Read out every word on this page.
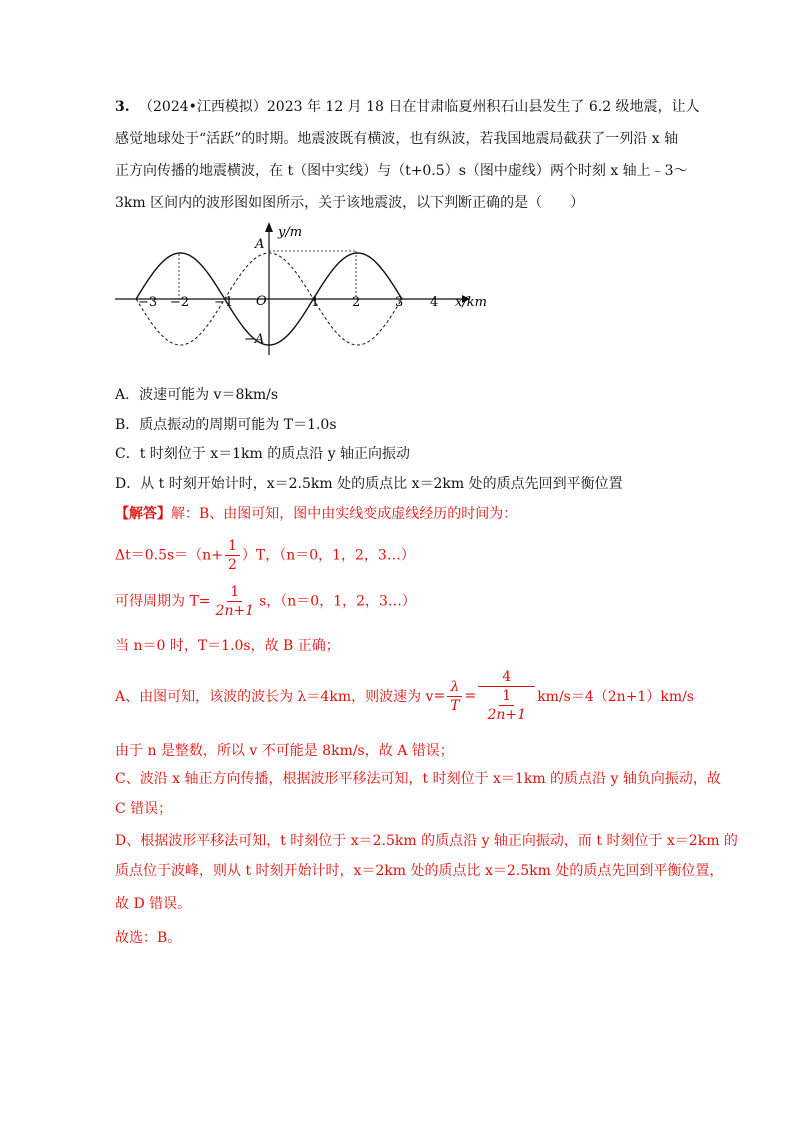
3. （2024•江西模拟）2023 年 12 月 18 日在甘肃临夏州积石山县发生了 6.2 级地震，让人
感觉地球处于“活跃”的时期。地震波既有横波，也有纵波，若我国地震局截获了一列沿 x 轴
正方向传播的地震横波，在 t（图中实线）与（t+0.5）s（图中虚线）两个时刻 x 轴上﹣3～
3km 区间内的波形图如图所示，关于该地震波，以下判断正确的是（　　）
y/m
x/km
A
−A
O
−3 −2 −1	1	2	3 4
A．波速可能为 v＝8km/s
B．质点振动的周期可能为 T＝1.0s
C．t 时刻位于 x＝1km 的质点沿 y 轴正向振动
D．从 t 时刻开始计时，x＝2.5km 处的质点比 x＝2km 处的质点先回到平衡位置
【解答】解：B、由图可知，图中由实线变成虚线经历的时间为：
$\Delta t=0.5s=(n+ \frac{1}{2} )T$，（n＝0，1，2，3…）
可得周期为 $T= \frac{1}{2n+1}$ s，（n＝0，1，2，3…）
当 n＝0 时，T＝1.0s，故 B 正确；
A、由图可知，该波的波长为 λ＝4km，则波速为 $v= \frac{\lambda}{T} = \frac{4}{\frac{1}{2n+1}} km/s=4(2n+1)km/s$
由于 n 是整数，所以 v 不可能是 8km/s，故 A 错误；
C、波沿 x 轴正方向传播，根据波形平移法可知，t 时刻位于 x＝1km 的质点沿 y 轴负向振动，故
C 错误；
D、根据波形平移法可知，t 时刻位于 x＝2.5km 的质点沿 y 轴正向振动，而 t 时刻位于 x＝2km 的
质点位于波峰，则从 t 时刻开始计时，x＝2km 处的质点比 x＝2.5km 处的质点先回到平衡位置，
故 D 错误。
故选：B。
